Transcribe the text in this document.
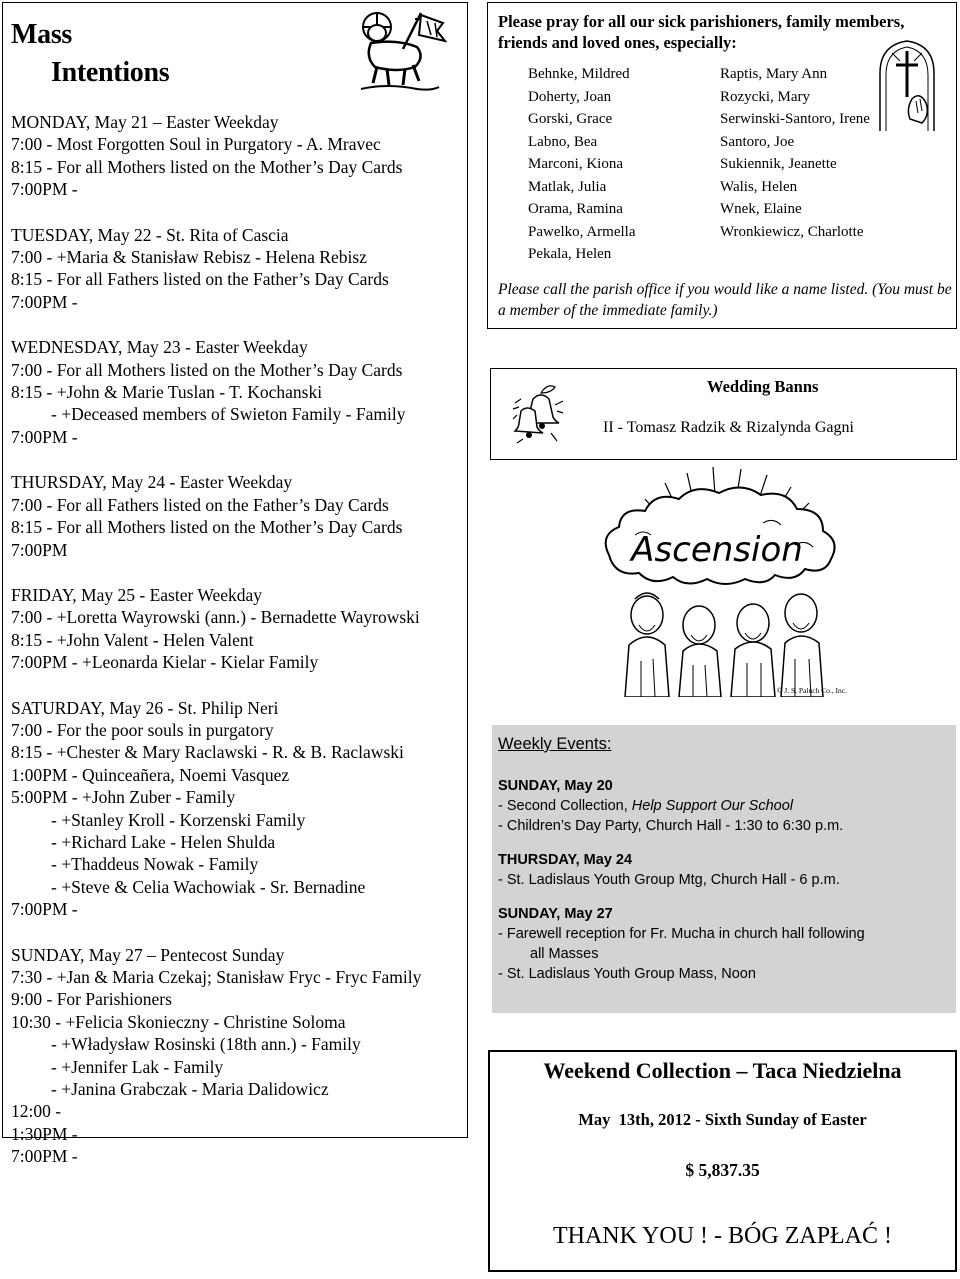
Mass
Intentions
MONDAY, May 21 – Easter Weekday
7:00 - Most Forgotten Soul in Purgatory - A. Mravec
8:15 - For all Mothers listed on the Mother’s Day Cards
7:00PM -
TUESDAY, May 22 - St. Rita of Cascia
7:00 - +Maria & Stanisław Rebisz - Helena Rebisz
8:15 - For all Fathers listed on the Father’s Day Cards
7:00PM -
WEDNESDAY, May 23 - Easter Weekday
7:00 - For all Mothers listed on the Mother’s Day Cards
8:15 - +John & Marie Tuslan - T. Kochanski
- +Deceased members of Swieton Family - Family
7:00PM -
THURSDAY, May 24 - Easter Weekday
7:00 - For all Fathers listed on the Father’s Day Cards
8:15 - For all Mothers listed on the Mother’s Day Cards
7:00PM
FRIDAY, May 25 - Easter Weekday
7:00 - +Loretta Wayrowski (ann.) - Bernadette Wayrowski
8:15 - +John Valent - Helen Valent
7:00PM - +Leonarda Kielar - Kielar Family
SATURDAY, May 26 - St. Philip Neri
7:00 - For the poor souls in purgatory
8:15 - +Chester & Mary Raclawski - R. & B. Raclawski
1:00PM - Quinceañera, Noemi Vasquez
5:00PM - +John Zuber - Family
- +Stanley Kroll - Korzenski Family
- +Richard Lake - Helen Shulda
- +Thaddeus Nowak - Family
- +Steve & Celia Wachowiak - Sr. Bernadine
7:00PM -
SUNDAY, May 27 – Pentecost Sunday
7:30 - +Jan & Maria Czekaj; Stanisław Fryc - Fryc Family
9:00 - For Parishioners
10:30 - +Felicia Skonieczny - Christine Soloma
- +Władysław Rosinski (18th ann.) - Family
- +Jennifer Lak - Family
- +Janina Grabczak - Maria Dalidowicz
12:00 -
1:30PM -
7:00PM -
Please pray for all our sick parishioners, family members, friends and loved ones, especially:
Behnke, Mildred
Doherty, Joan
Gorski, Grace
Labno, Bea
Marconi, Kiona
Matlak, Julia
Orama, Ramina
Pawelko, Armella
Pekala, Helen
Raptis, Mary Ann
Rozycki, Mary
Serwinski-Santoro, Irene
Santoro, Joe
Sukiennik, Jeanette
Walis, Helen
Wnek, Elaine
Wronkiewicz, Charlotte
Please call the parish office if you would like a name listed. (You must be a member of the immediate family.)
Wedding Banns
II - Tomasz Radzik & Rizalynda Gagni
Ascension
© J. S. Paluch Co., Inc.
Weekly Events:
SUNDAY, May 20
- Second Collection, Help Support Our School
- Children’s Day Party, Church Hall - 1:30 to 6:30 p.m.
THURSDAY, May 24
- St. Ladislaus Youth Group Mtg, Church Hall - 6 p.m.
SUNDAY, May 27
- Farewell reception for Fr. Mucha in church hall following
all Masses
- St. Ladislaus Youth Group Mass, Noon
Weekend Collection – Taca Niedzielna
May  13th, 2012 - Sixth Sunday of Easter
$ 5,837.35
THANK YOU ! - BÓG ZAPŁAĆ !
